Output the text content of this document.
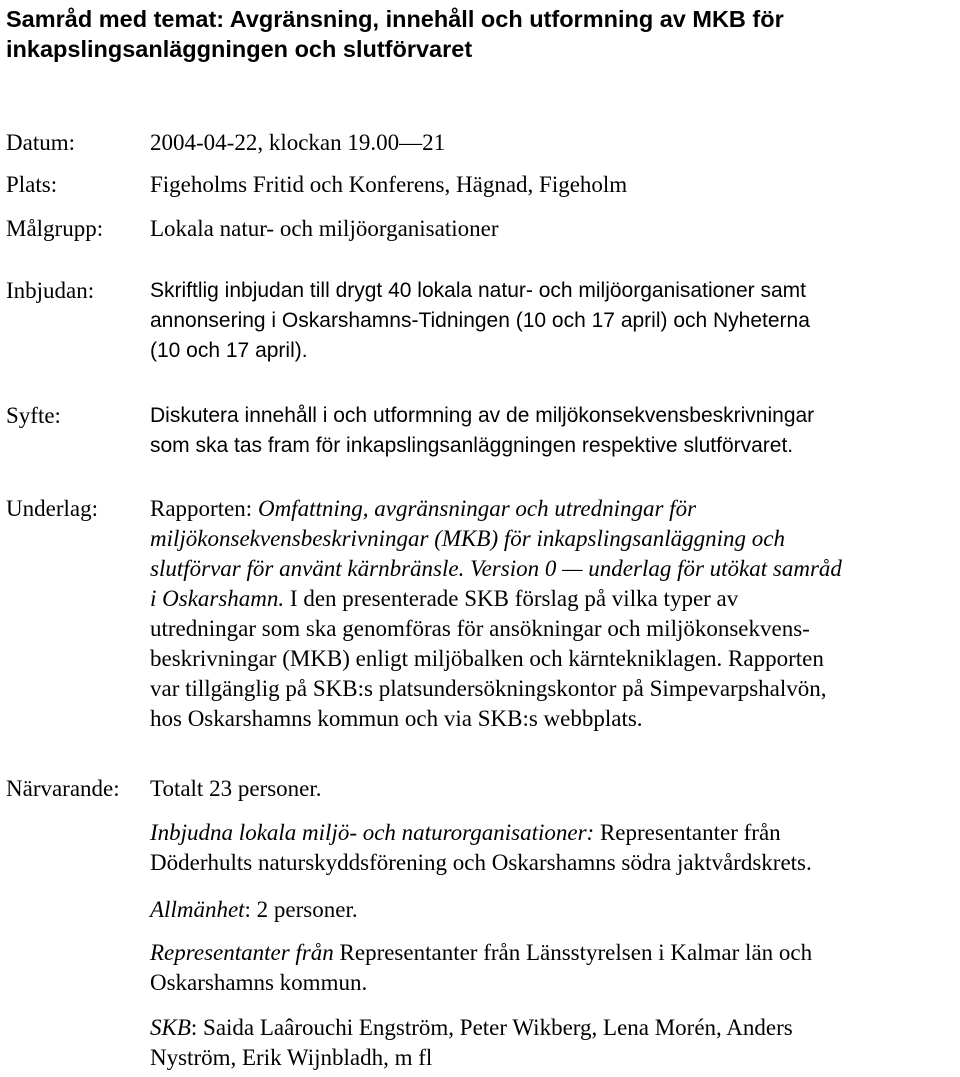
Samråd med temat: Avgränsning, innehåll och utformning av MKB för
inkapslingsanläggningen och slutförvaret

Datum:	2004-04-22, klockan 19.00—21

Plats:	Figeholms Fritid och Konferens, Hägnad, Figeholm

Målgrupp: Lokala natur- och miljöorganisationer

Inbjudan:	Skriftlig inbjudan till drygt 40 lokala natur- och miljöorganisationer samt
annonsering i Oskarshamns-Tidningen (10 och 17 april) och Nyheterna
(10 och 17 april).

Syfte:	Diskutera innehåll i och utformning av de miljökonsekvensbeskrivningar
som ska tas fram för inkapslingsanläggningen respektive slutförvaret.

Underlag: Rapporten: Omfattning, avgränsningar och utredningar för
miljökonsekvensbeskrivningar (MKB) för inkapslingsanläggning och
slutförvar för använt kärnbränsle. Version 0 — underlag för utökat samråd
i Oskarshamn. I den presenterade SKB förslag på vilka typer av
utredningar som ska genomföras för ansökningar och miljökonsekvens-
beskrivningar (MKB) enligt miljöbalken och kärntekniklagen. Rapporten
var tillgänglig på SKB:s platsundersökningskontor på Simpevarpshalvön,
hos Oskarshamns kommun och via SKB:s webbplats.

Närvarande: Totalt 23 personer.

Inbjudna lokala miljö- och naturorganisationer: Representanter från
Döderhults naturskyddsförening och Oskarshamns södra jaktvårdskrets.

Allmänhet: 2 personer.

Representanter från Representanter från Länsstyrelsen i Kalmar län och
Oskarshamns kommun.

SKB: Saida Laârouchi Engström, Peter Wikberg, Lena Morén, Anders
Nyström, Erik Wijnbladh, m fl
